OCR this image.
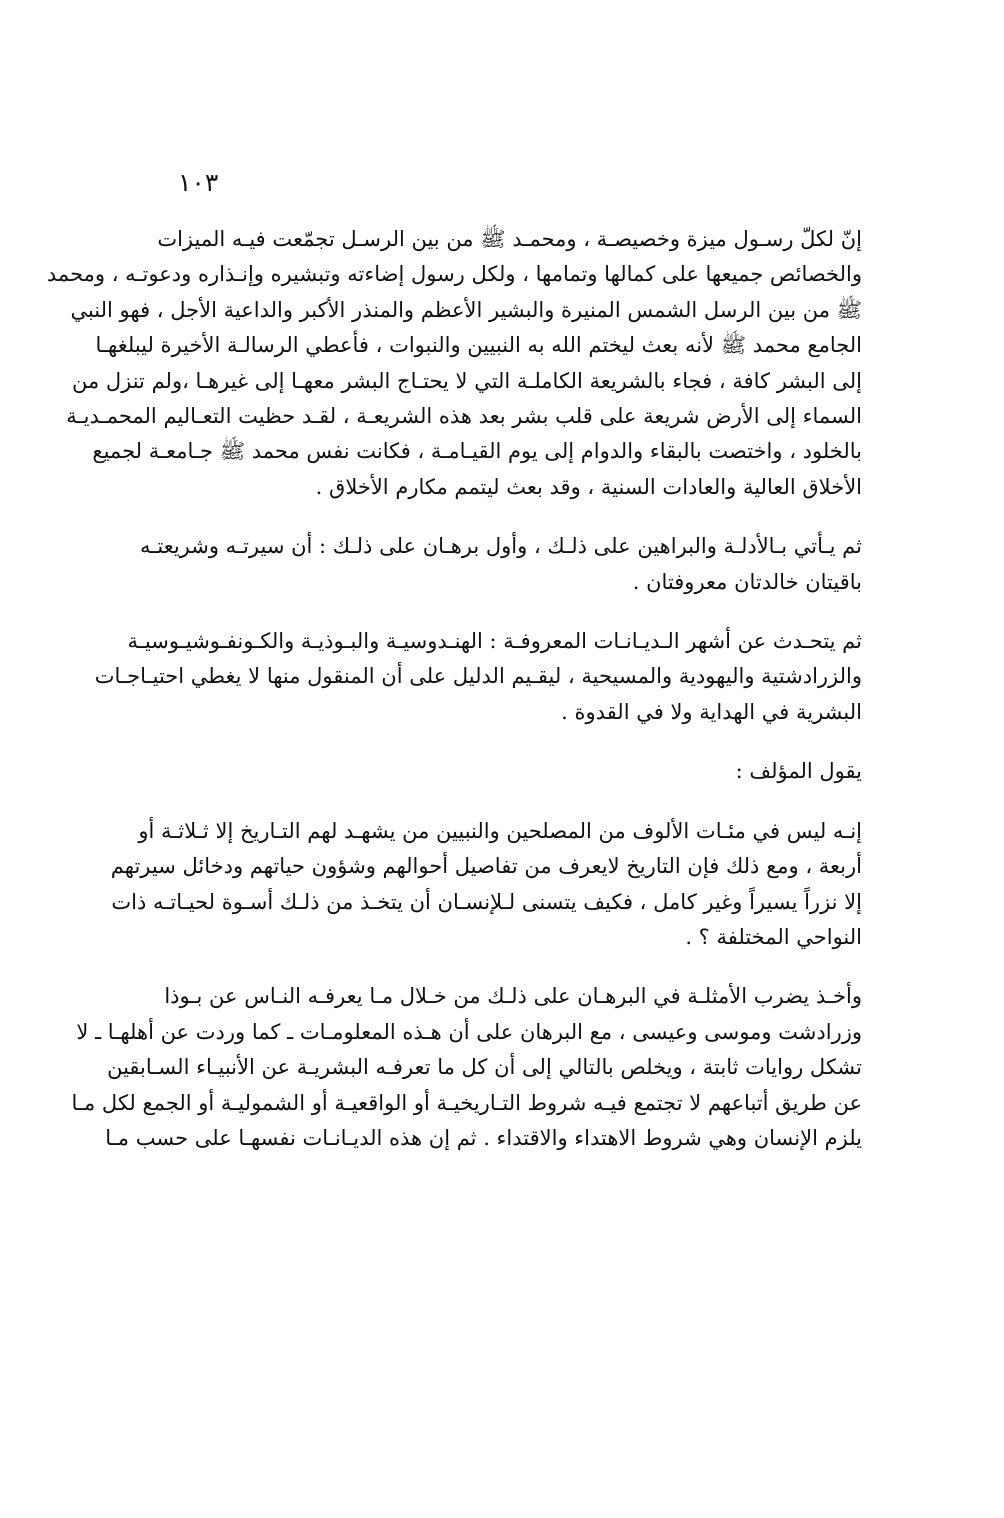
١٠٣
إنّ لكلّ رسـول ميزة وخصيصـة ، ومحمـد ﷺ من بين الرسـل تجمّعت فيـه الميزات
والخصائص جميعها على كمالها وتمامها ، ولكل رسول إضاءته وتبشيره وإنـذاره ودعوتـه ، ومحمد
ﷺ من بين الرسل الشمس المنيرة والبشير الأعظم والمنذر الأكبر والداعية الأجل ، فهو النبي
الجامع محمد ﷺ لأنه بعث ليختم الله به النبيين والنبوات ، فأعطي الرسالـة الأخيرة ليبلغهـا
إلى البشر كافة ، فجاء بالشريعة الكاملـة التي لا يحتـاج البشر معهـا إلى غيرهـا ،ولم تنزل من
السماء إلى الأرض شريعة على قلب بشر بعد هذه الشريعـة ، لقـد حظيت التعـاليم المحمـديـة
بالخلود ، واختصت بالبقاء والدوام إلى يوم القيـامـة ، فكانت نفس محمد ﷺ جـامعـة لجميع
الأخلاق العالية والعادات السنية ، وقد بعث ليتمم مكارم الأخلاق .
ثم يـأتي بـالأدلـة والبراهين على ذلـك ، وأول برهـان على ذلـك : أن سيرتـه وشريعتـه
باقيتان خالدتان معروفتان .
ثم يتحـدث عن أشهر الـديـانـات المعروفـة : الهنـدوسيـة والبـوذيـة والكـونفـوشيـوسيـة
والزرادشتية واليهودية والمسيحية ، ليقـيم الدليل على أن المنقول منها لا يغطي احتيـاجـات
البشرية في الهداية ولا في القدوة .
يقول المؤلف :
إنـه ليس في مئـات الألوف من المصلحين والنبيين من يشهـد لهم التـاريخ إلا ثـلاثـة أو
أربعة ، ومع ذلك فإن التاريخ لايعرف من تفاصيل أحوالهم وشؤون حياتهم ودخائل سيرتهم
إلا نزراً يسيراً وغير كامل ، فكيف يتسنى لـلإنسـان أن يتخـذ من ذلـك أسـوة لحيـاتـه ذات
النواحي المختلفة ؟ .
وأخـذ يضرب الأمثلـة في البرهـان على ذلـك من خـلال مـا يعرفـه النـاس عن بـوذا
وزرادشت وموسى وعيسى ، مع البرهان على أن هـذه المعلومـات ـ كما وردت عن أهلهـا ـ لا
تشكل روايات ثابتة ، ويخلص بالتالي إلى أن كل ما تعرفـه البشريـة عن الأنبيـاء السـابقين
عن طريق أتباعهم لا تجتمع فيـه شروط التـاريخيـة أو الواقعيـة أو الشموليـة أو الجمع لكل مـا
يلزم الإنسان وهي شروط الاهتداء والاقتداء . ثم إن هذه الديـانـات نفسهـا على حسب مـا
